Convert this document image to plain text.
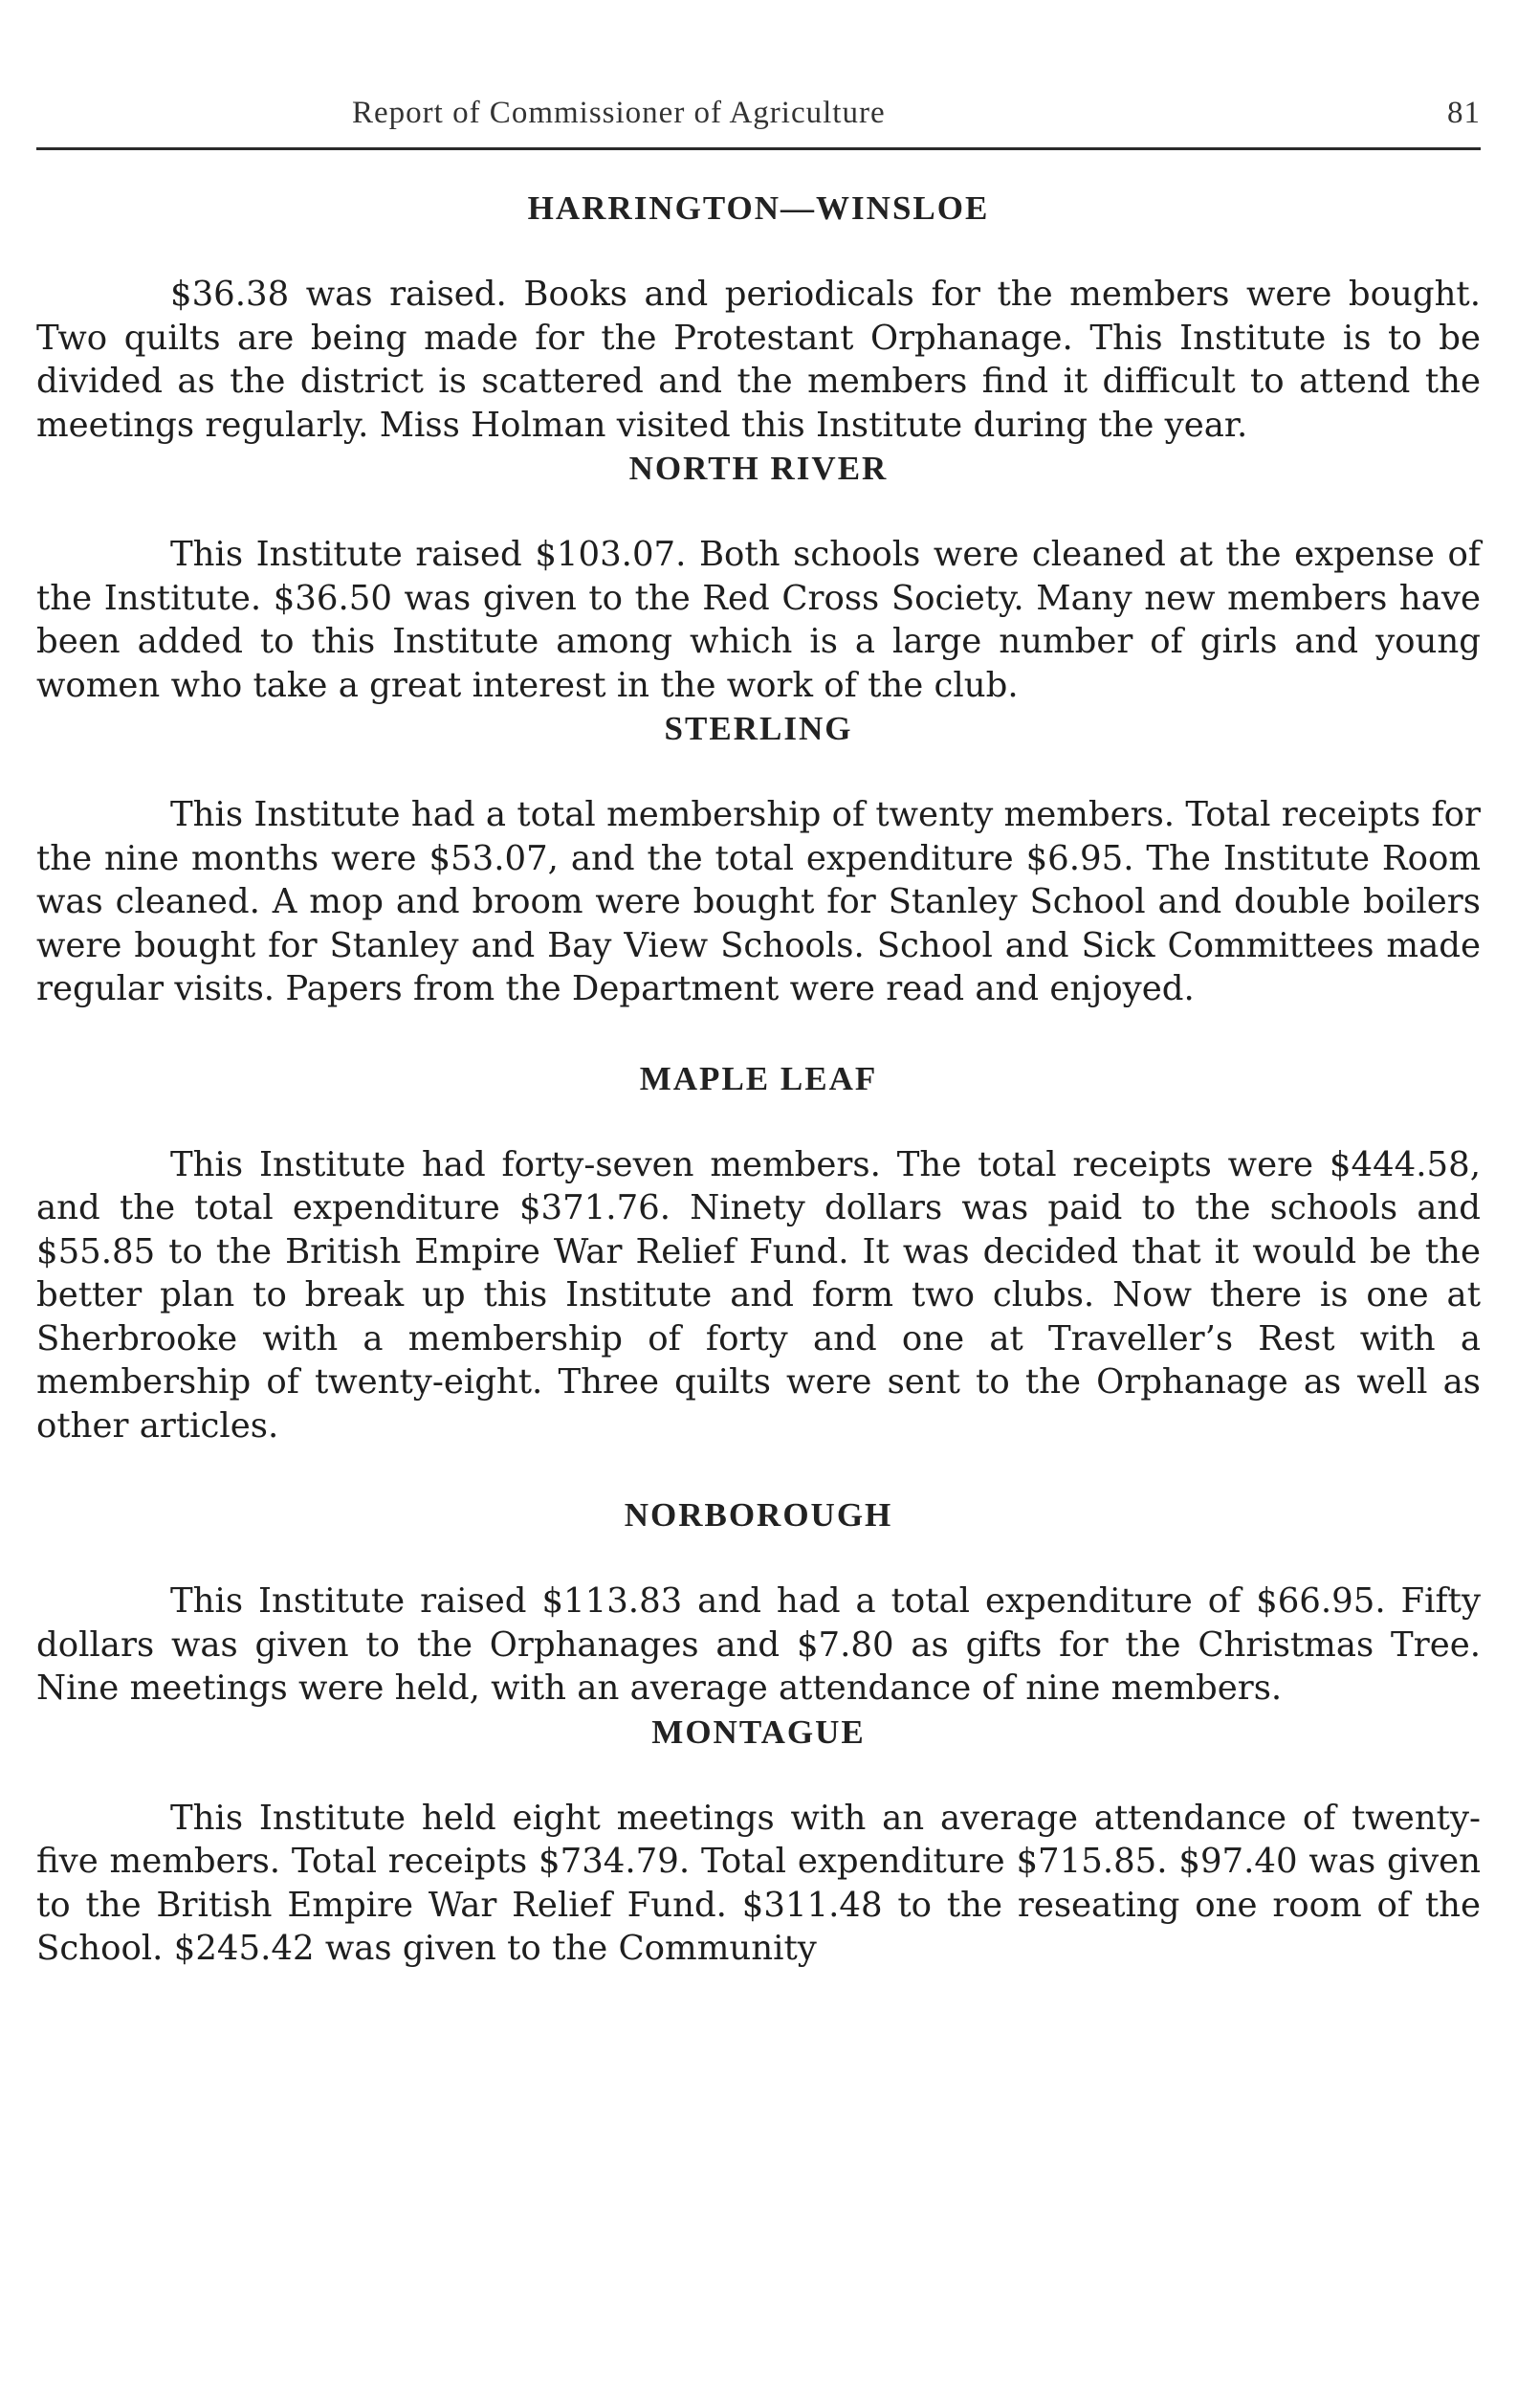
Report of Commissioner of Agriculture	81
HARRINGTON—WINSLOE

$36.38 was raised. Books and periodicals for the members were bought. Two quilts are being made for the Protestant Orphanage. This Institute is to be divided as the district is scattered and the members find it difficult to attend the meetings regularly. Miss Holman visited this Institute during the year.

NORTH RIVER

This Institute raised $103.07. Both schools were cleaned at the expense of the Institute. $36.50 was given to the Red Cross Society. Many new members have been added to this Institute among which is a large number of girls and young women who take a great interest in the work of the club.

STERLING

This Institute had a total membership of twenty members. Total receipts for the nine months were $53.07, and the total expenditure $6.95. The Institute Room was cleaned. A mop and broom were bought for Stanley School and double boilers were bought for Stanley and Bay View Schools. School and Sick Committees made regular visits. Papers from the Department were read and enjoyed.

MAPLE LEAF

This Institute had forty-seven members. The total receipts were $444.58, and the total expenditure $371.76. Ninety dollars was paid to the schools and $55.85 to the British Empire War Relief Fund. It was decided that it would be the better plan to break up this Institute and form two clubs. Now there is one at Sherbrooke with a membership of forty and one at Traveller’s Rest with a membership of twenty-eight. Three quilts were sent to the Orphanage as well as other articles.

NORBOROUGH

This Institute raised $113.83 and had a total expenditure of $66.95. Fifty dollars was given to the Orphanages and $7.80 as gifts for the Christmas Tree. Nine meetings were held, with an average attendance of nine members.

MONTAGUE

This Institute held eight meetings with an average attendance of twenty-five members. Total receipts $734.79. Total expenditure $715.85. $97.40 was given to the British Empire War Relief Fund. $311.48 to the reseating one room of the School. $245.42 was given to the Community
